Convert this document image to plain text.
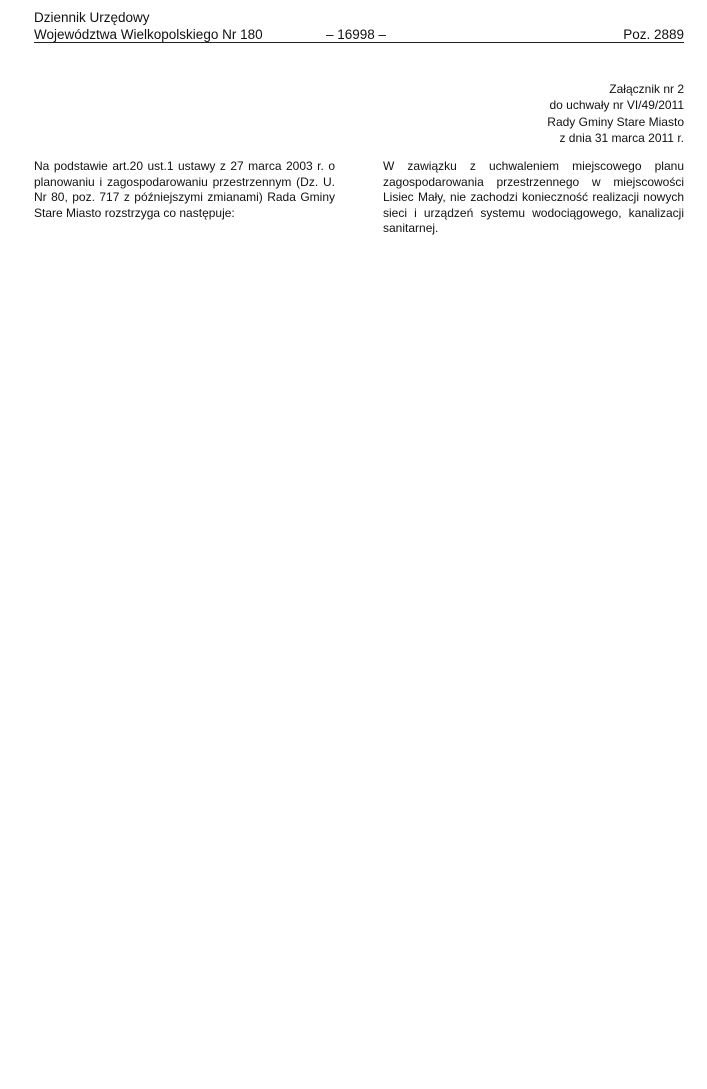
Dziennik Urzędowy
Województwa Wielkopolskiego Nr 180	– 16998 –	Poz. 2889
Załącznik nr 2
do uchwały nr VI/49/2011
Rady Gminy Stare Miasto
z dnia 31 marca 2011 r.

Na podstawie art.20 ust.1 ustawy z 27 marca 2003 r. o planowaniu i zagospodarowaniu przestrzennym (Dz. U. Nr 80, poz. 717 z późniejszymi zmianami) Rada Gminy Stare Miasto rozstrzyga co następuje:

W zawiązku z uchwaleniem miejscowego planu zagospodarowania przestrzennego w miejscowości Lisiec Mały, nie zachodzi konieczność realizacji nowych sieci i urządzeń systemu wodociągowego, kanalizacji sanitarnej.
